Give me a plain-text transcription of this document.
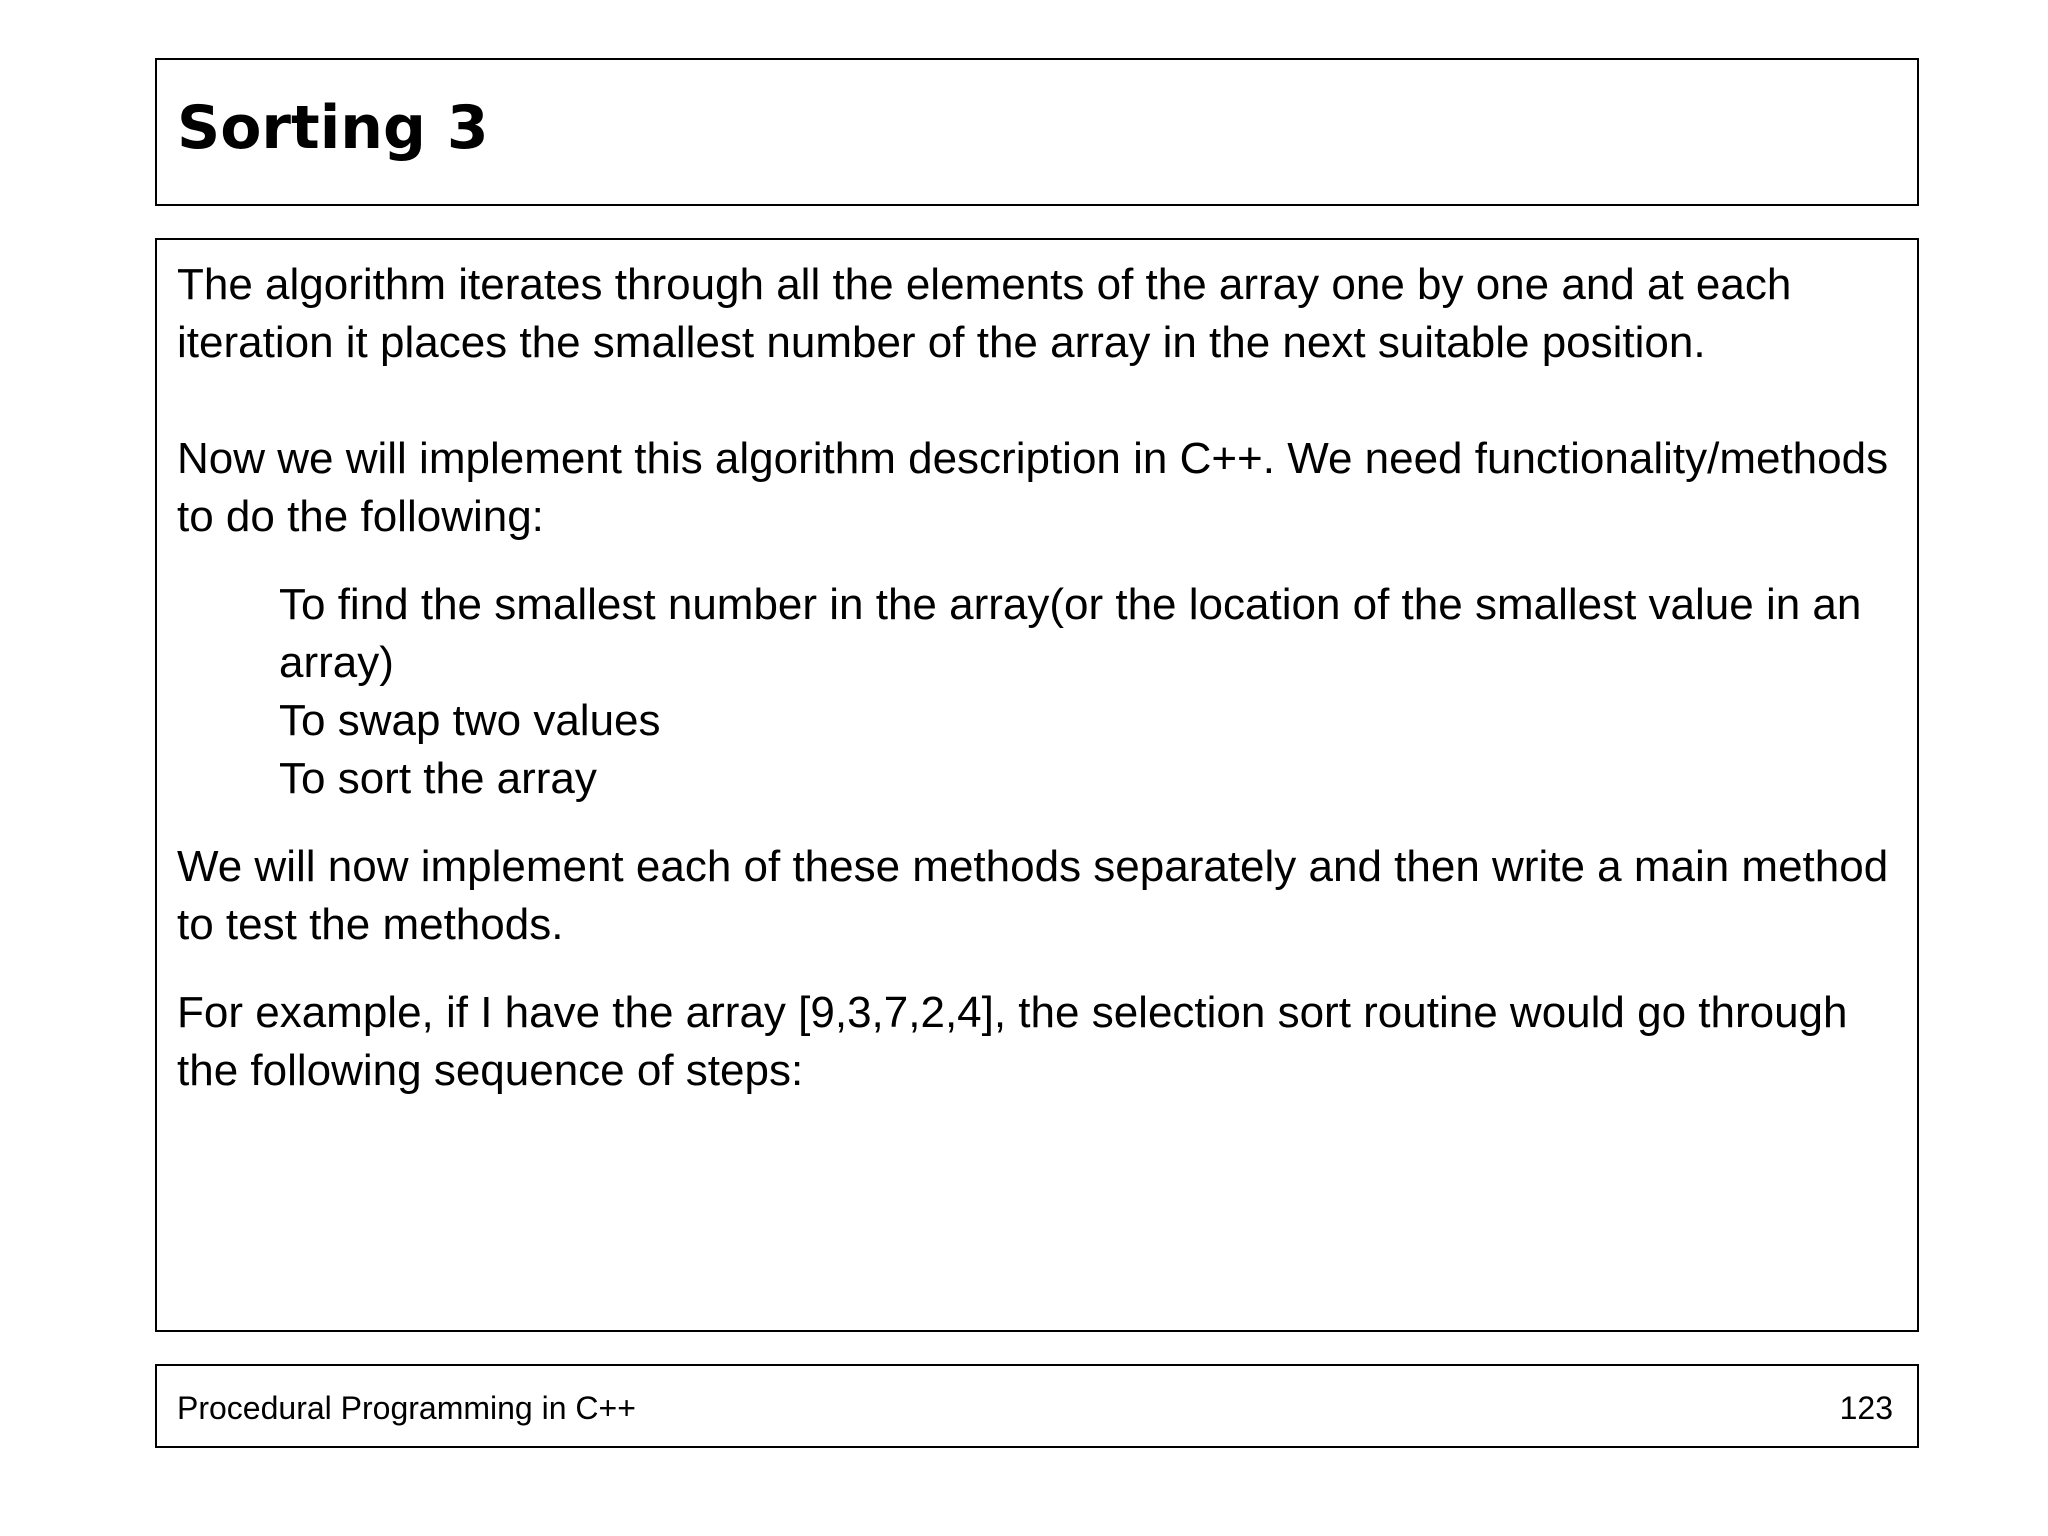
Sorting 3

The algorithm iterates through all the elements of the array one by one and at each iteration it places the smallest number of the array in the next suitable position.

Now we will implement this algorithm description in C++. We need functionality/methods to do the following:

To find the smallest number in the array(or the location of the smallest value in an array)

To swap two values

To sort the array

We will now implement each of these methods separately and then write a main method to test the methods.

For example, if I have the array [9,3,7,2,4], the selection sort routine would go through the following sequence of steps:

Procedural Programming in C++	123
